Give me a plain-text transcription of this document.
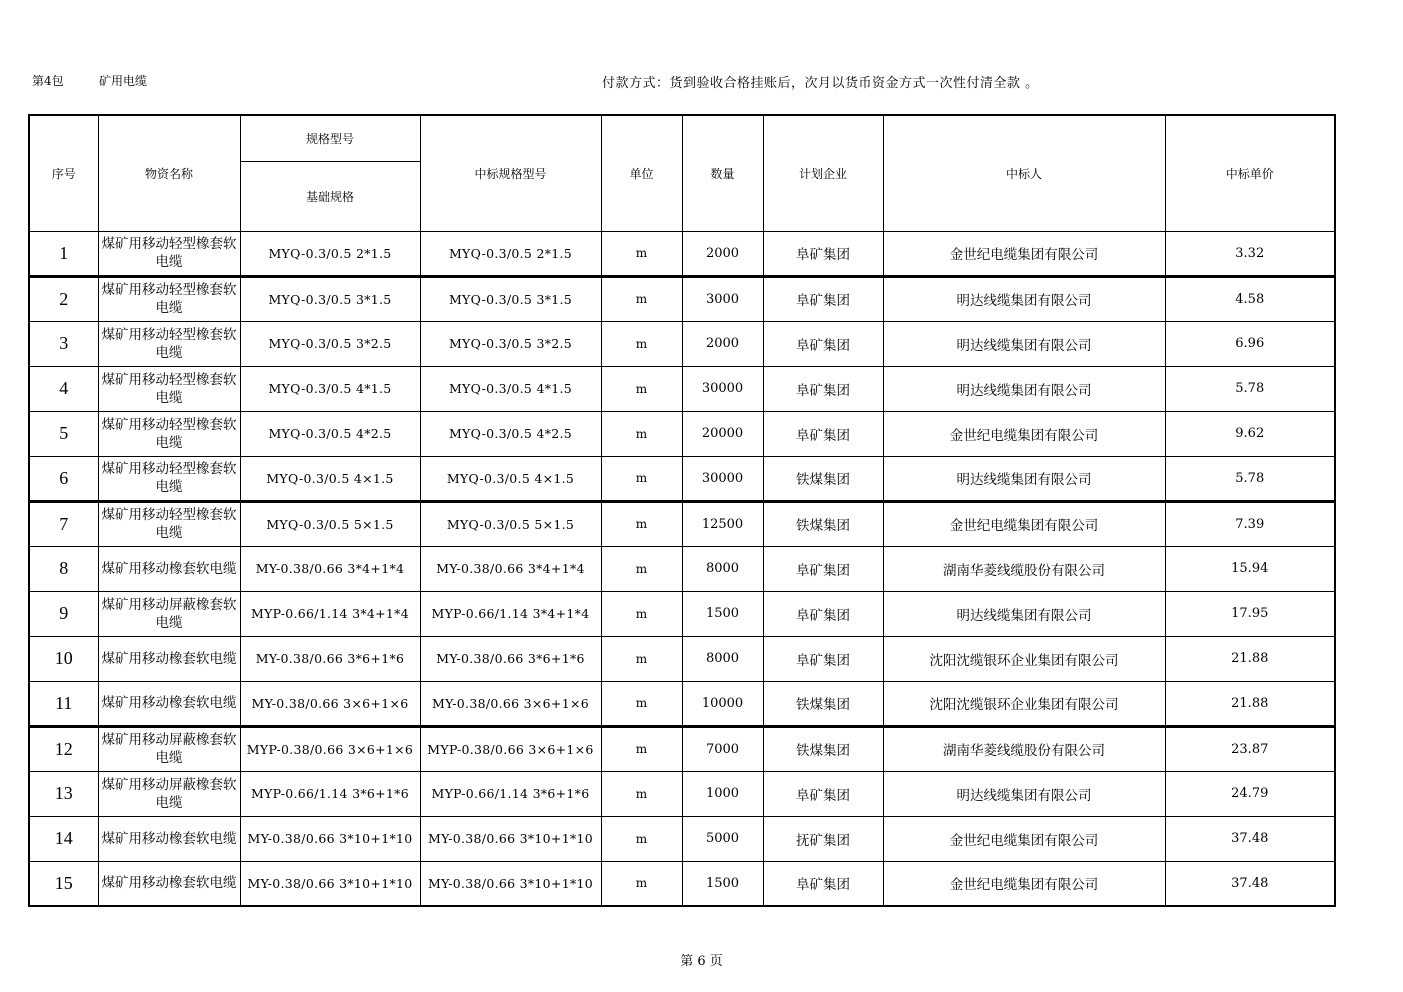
第4包	矿用电缆	付款方式：货到验收合格挂账后，次月以货币资金方式一次性付清全款 。
序号	物资名称	规格型号	中标规格型号	单位	数量	计划企业	中标人	中标单价
		基础规格						
1	煤矿用移动轻型橡套软电缆	MYQ-0.3/0.5 2*1.5	MYQ-0.3/0.5 2*1.5	m	2000	阜矿集团	金世纪电缆集团有限公司	3.32
2	煤矿用移动轻型橡套软电缆	MYQ-0.3/0.5 3*1.5	MYQ-0.3/0.5 3*1.5	m	3000	阜矿集团	明达线缆集团有限公司	4.58
3	煤矿用移动轻型橡套软电缆	MYQ-0.3/0.5 3*2.5	MYQ-0.3/0.5 3*2.5	m	2000	阜矿集团	明达线缆集团有限公司	6.96
4	煤矿用移动轻型橡套软电缆	MYQ-0.3/0.5 4*1.5	MYQ-0.3/0.5 4*1.5	m	30000	阜矿集团	明达线缆集团有限公司	5.78
5	煤矿用移动轻型橡套软电缆	MYQ-0.3/0.5 4*2.5	MYQ-0.3/0.5 4*2.5	m	20000	阜矿集团	金世纪电缆集团有限公司	9.62
6	煤矿用移动轻型橡套软电缆	MYQ-0.3/0.5 4×1.5	MYQ-0.3/0.5 4×1.5	m	30000	铁煤集团	明达线缆集团有限公司	5.78
7	煤矿用移动轻型橡套软电缆	MYQ-0.3/0.5 5×1.5	MYQ-0.3/0.5 5×1.5	m	12500	铁煤集团	金世纪电缆集团有限公司	7.39
8	煤矿用移动橡套软电缆	MY-0.38/0.66 3*4+1*4	MY-0.38/0.66 3*4+1*4	m	8000	阜矿集团	湖南华菱线缆股份有限公司	15.94
9	煤矿用移动屏蔽橡套软电缆	MYP-0.66/1.14 3*4+1*4	MYP-0.66/1.14 3*4+1*4	m	1500	阜矿集团	明达线缆集团有限公司	17.95
10	煤矿用移动橡套软电缆	MY-0.38/0.66 3*6+1*6	MY-0.38/0.66 3*6+1*6	m	8000	阜矿集团	沈阳沈缆银环企业集团有限公司	21.88
11	煤矿用移动橡套软电缆	MY-0.38/0.66 3×6+1×6	MY-0.38/0.66 3×6+1×6	m	10000	铁煤集团	沈阳沈缆银环企业集团有限公司	21.88
12	煤矿用移动屏蔽橡套软电缆	MYP-0.38/0.66 3×6+1×6	MYP-0.38/0.66 3×6+1×6	m	7000	铁煤集团	湖南华菱线缆股份有限公司	23.87
13	煤矿用移动屏蔽橡套软电缆	MYP-0.66/1.14 3*6+1*6	MYP-0.66/1.14 3*6+1*6	m	1000	阜矿集团	明达线缆集团有限公司	24.79
14	煤矿用移动橡套软电缆	MY-0.38/0.66 3*10+1*10	MY-0.38/0.66 3*10+1*10	m	5000	抚矿集团	金世纪电缆集团有限公司	37.48
15	煤矿用移动橡套软电缆	MY-0.38/0.66 3*10+1*10	MY-0.38/0.66 3*10+1*10	m	1500	阜矿集团	金世纪电缆集团有限公司	37.48
第 6 页
